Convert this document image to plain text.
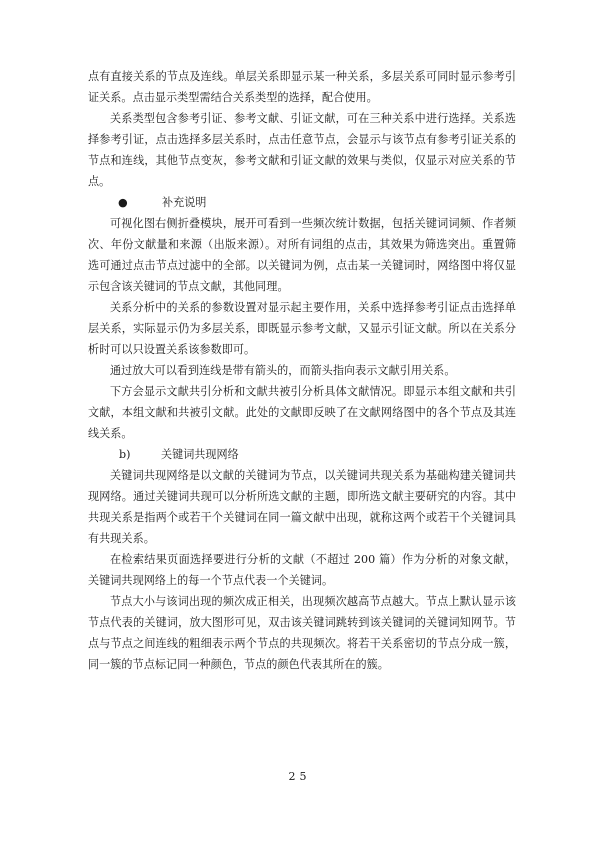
点有直接关系的节点及连线。单层关系即显示某一种关系，多层关系可同时显示参考引证关系。点击显示类型需结合关系类型的选择，配合使用。

关系类型包含参考引证、参考文献、引证文献，可在三种关系中进行选择。关系选择参考引证，点击选择多层关系时，点击任意节点，会显示与该节点有参考引证关系的节点和连线，其他节点变灰，参考文献和引证文献的效果与类似，仅显示对应关系的节点。

●	补充说明

可视化图右侧折叠模块，展开可看到一些频次统计数据，包括关键词词频、作者频次、年份文献量和来源（出版来源）。对所有词组的点击，其效果为筛选突出。重置筛选可通过点击节点过滤中的全部。以关键词为例，点击某一关键词时，网络图中将仅显示包含该关键词的节点文献，其他同理。

关系分析中的关系的参数设置对显示起主要作用，关系中选择参考引证点击选择单层关系，实际显示仍为多层关系，即既显示参考文献，又显示引证文献。所以在关系分析时可以只设置关系该参数即可。

通过放大可以看到连线是带有箭头的，而箭头指向表示文献引用关系。

下方会显示文献共引分析和文献共被引分析具体文献情况。即显示本组文献和共引文献，本组文献和共被引文献。此处的文献即反映了在文献网络图中的各个节点及其连线关系。

b)	关键词共现网络

关键词共现网络是以文献的关键词为节点，以关键词共现关系为基础构建关键词共现网络。通过关键词共现可以分析所选文献的主题，即所选文献主要研究的内容。其中共现关系是指两个或若干个关键词在同一篇文献中出现，就称这两个或若干个关键词具有共现关系。

在检索结果页面选择要进行分析的文献（不超过 200 篇）作为分析的对象文献，关键词共现网络上的每一个节点代表一个关键词。

节点大小与该词出现的频次成正相关，出现频次越高节点越大。节点上默认显示该节点代表的关键词，放大图形可见，双击该关键词跳转到该关键词的关键词知网节。节点与节点之间连线的粗细表示两个节点的共现频次。将若干关系密切的节点分成一簇，同一簇的节点标记同一种颜色，节点的颜色代表其所在的簇。

25
